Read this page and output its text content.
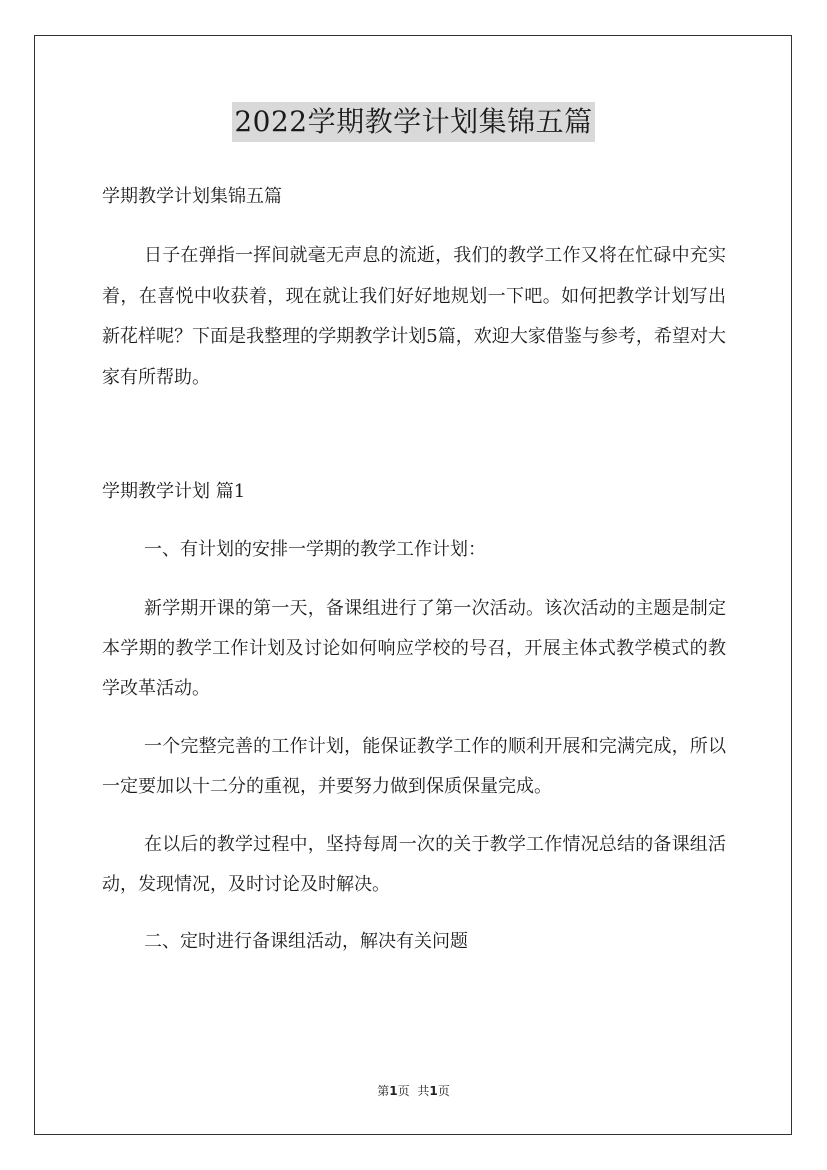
2022学期教学计划集锦五篇

学期教学计划集锦五篇

日子在弹指一挥间就毫无声息的流逝，我们的教学工作又将在忙碌中充实着，在喜悦中收获着，现在就让我们好好地规划一下吧。如何把教学计划写出新花样呢？下面是我整理的学期教学计划5篇，欢迎大家借鉴与参考，希望对大家有所帮助。

学期教学计划 篇1

一、有计划的安排一学期的教学工作计划：

新学期开课的第一天，备课组进行了第一次活动。该次活动的主题是制定本学期的教学工作计划及讨论如何响应学校的号召，开展主体式教学模式的教学改革活动。

一个完整完善的工作计划，能保证教学工作的顺利开展和完满完成，所以一定要加以十二分的重视，并要努力做到保质保量完成。

在以后的教学过程中，坚持每周一次的关于教学工作情况总结的备课组活动，发现情况，及时讨论及时解决。

二、定时进行备课组活动，解决有关问题

第1页 共1页
